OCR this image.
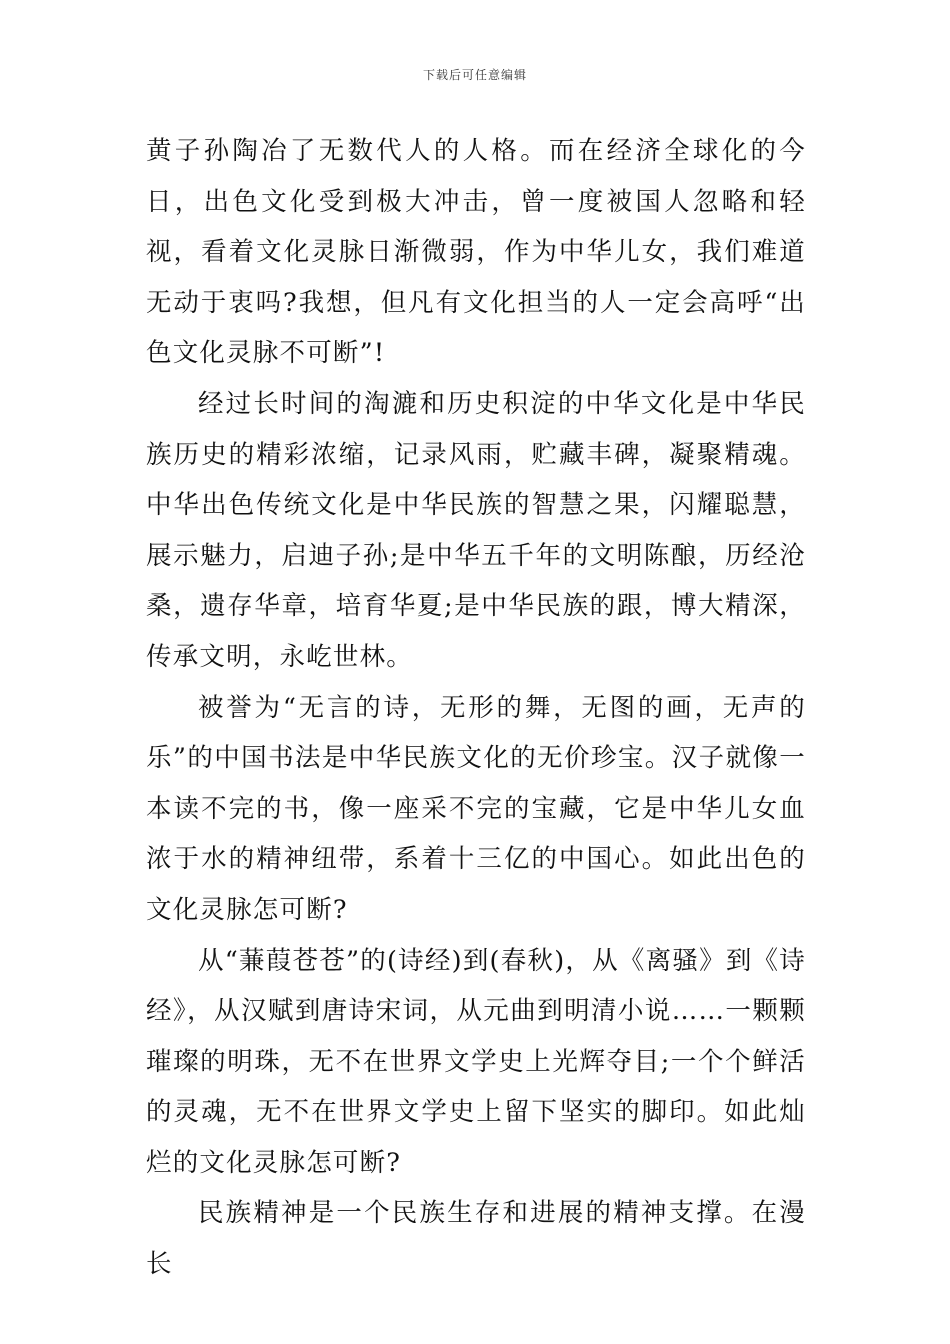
下载后可任意编辑

黄子孙陶冶了无数代人的人格。而在经济全球化的今日，出色文化受到极大冲击，曾一度被国人忽略和轻视，看着文化灵脉日渐微弱，作为中华儿女，我们难道无动于衷吗?我想，但凡有文化担当的人一定会高呼“出色文化灵脉不可断”!

经过长时间的淘漉和历史积淀的中华文化是中华民族历史的精彩浓缩，记录风雨，贮藏丰碑，凝聚精魂。中华出色传统文化是中华民族的智慧之果，闪耀聪慧，展示魅力，启迪子孙;是中华五千年的文明陈酿，历经沧桑，遗存华章，培育华夏;是中华民族的跟，博大精深，传承文明，永屹世林。

被誉为“无言的诗，无形的舞，无图的画，无声的乐”的中国书法是中华民族文化的无价珍宝。汉子就像一本读不完的书，像一座采不完的宝藏，它是中华儿女血浓于水的精神纽带，系着十三亿的中国心。如此出色的文化灵脉怎可断?

从“蒹葭苍苍”的(诗经)到(春秋)，从《离骚》到《诗经》，从汉赋到唐诗宋词，从元曲到明清小说……一颗颗璀璨的明珠，无不在世界文学史上光辉夺目;一个个鲜活的灵魂，无不在世界文学史上留下坚实的脚印。如此灿烂的文化灵脉怎可断?

民族精神是一个民族生存和进展的精神支撑。在漫长
